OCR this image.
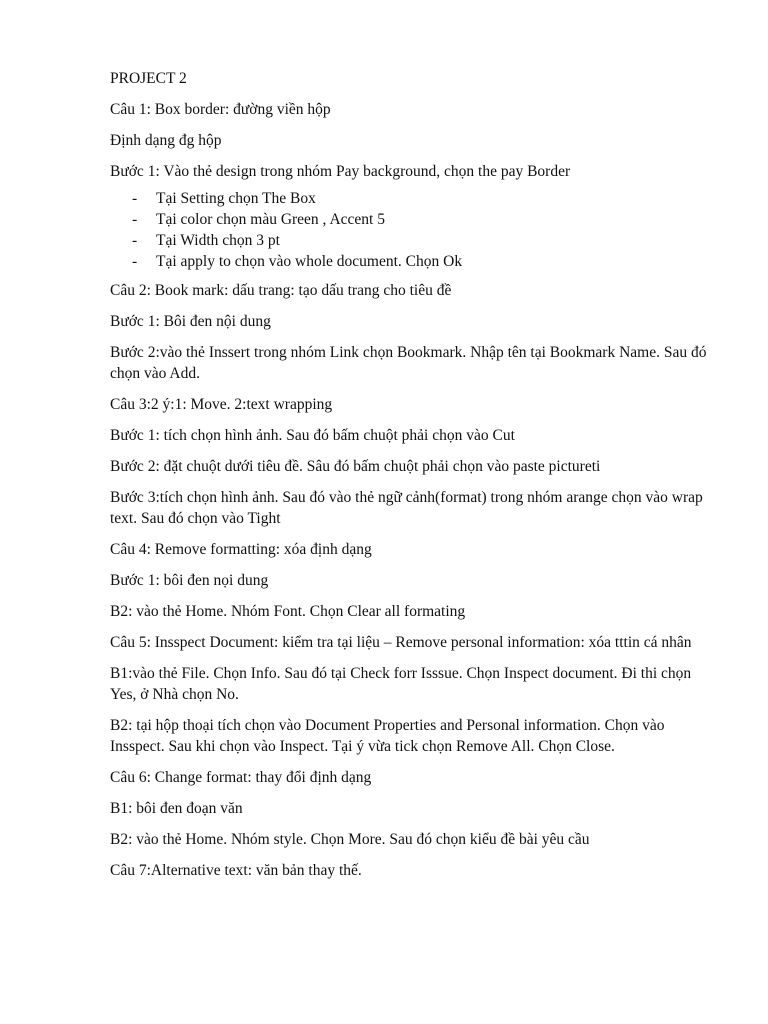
PROJECT 2
Câu 1: Box border: đường viền hộp
Định dạng đg hộp
Bước 1: Vào thẻ design trong nhóm Pay background, chọn the pay Border
- Tại Setting chọn The Box
- Tại color chọn màu Green , Accent 5
- Tại Width chọn 3 pt
- Tại apply to chọn vào whole document. Chọn Ok
Câu 2: Book mark: dấu trang: tạo dấu trang cho tiêu đề
Bước 1: Bôi đen nội dung
Bước 2:vào thẻ Inssert trong nhóm Link chọn Bookmark. Nhập tên tại Bookmark Name. Sau đó chọn vào Add.
Câu 3:2 ý:1: Move. 2:text wrapping
Bước 1: tích chọn hình ảnh. Sau đó bấm chuột phải chọn vào Cut
Bước 2: đặt chuột dưới tiêu đề. Sâu đó bấm chuột phải chọn vào paste pictureti
Bước 3:tích chọn hình ảnh. Sau đó vào thẻ ngữ cảnh(format) trong nhóm arange chọn vào wrap text. Sau đó chọn vào Tight
Câu 4: Remove formatting: xóa định dạng
Bước 1: bôi đen nọi dung
B2: vào thẻ Home. Nhóm Font. Chọn Clear all formating
Câu 5: Insspect Document: kiểm tra tại liệu – Remove personal information: xóa tttin cá nhân
B1:vào thẻ File. Chọn Info. Sau đó tại Check forr Isssue. Chọn Inspect document. Đi thi chọn Yes, ở Nhà chọn No.
B2: tại hộp thoại tích chọn vào Document Properties and Personal information. Chọn vào Insspect. Sau khi chọn vào Inspect. Tại ý vừa tick chọn Remove All. Chọn Close.
Câu 6: Change format: thay đổi định dạng
B1: bôi đen đoạn văn
B2: vào thẻ Home. Nhóm style. Chọn More. Sau đó chọn kiểu đề bài yêu cầu
Câu 7:Alternative text: văn bản thay thế.
